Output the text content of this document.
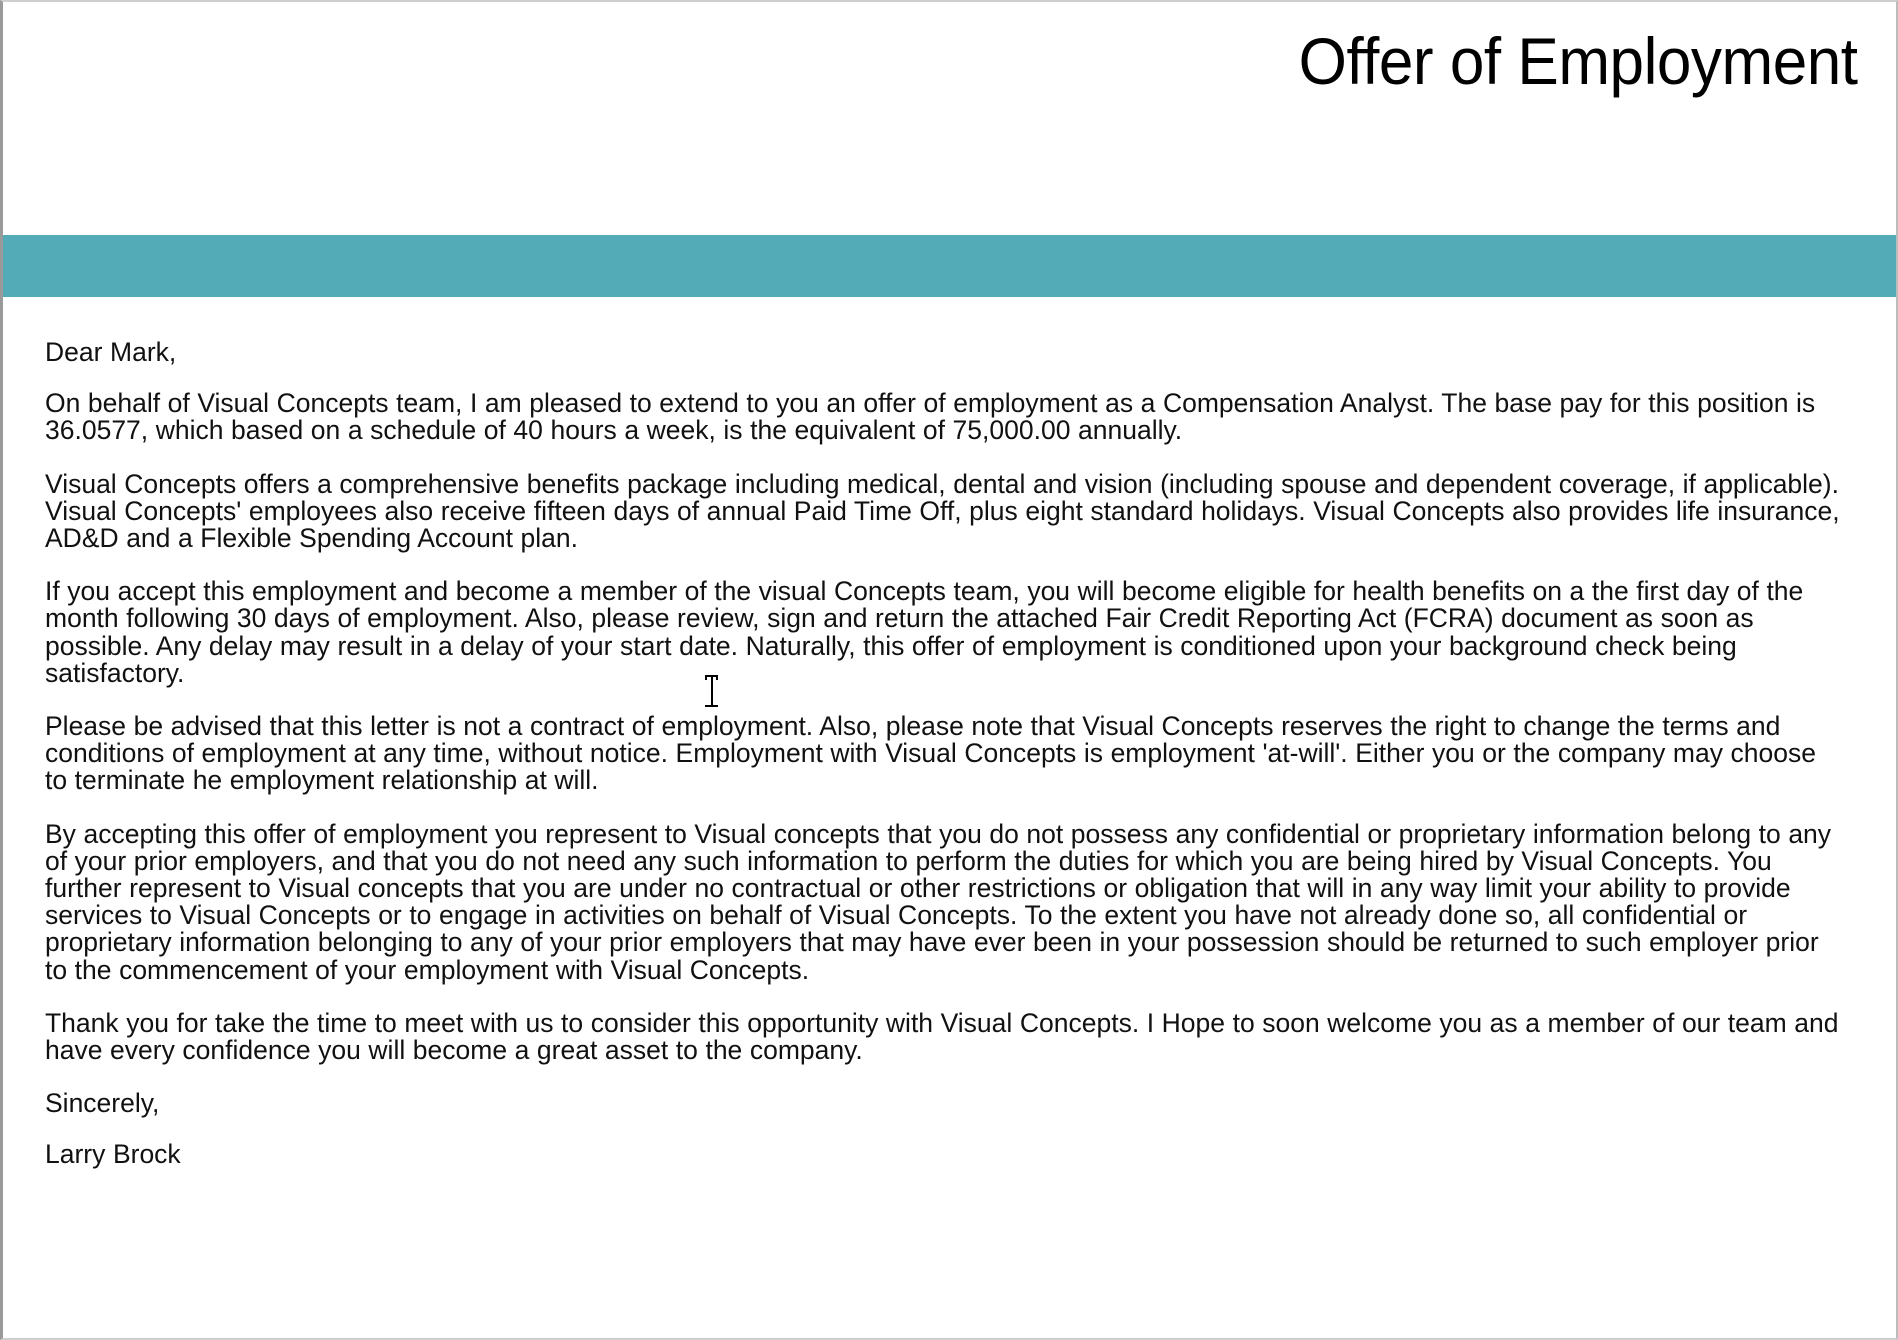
Offer of Employment

Dear Mark,

On behalf of Visual Concepts team, I am pleased to extend to you an offer of employment as a Compensation Analyst. The base pay for this position is 36.0577, which based on a schedule of 40 hours a week, is the equivalent of 75,000.00 annually.

Visual Concepts offers a comprehensive benefits package including medical, dental and vision (including spouse and dependent coverage, if applicable). Visual Concepts' employees also receive fifteen days of annual Paid Time Off, plus eight standard holidays. Visual Concepts also provides life insurance, AD&D and a Flexible Spending Account plan.

If you accept this employment and become a member of the visual Concepts team, you will become eligible for health benefits on a the first day of the month following 30 days of employment. Also, please review, sign and return the attached Fair Credit Reporting Act (FCRA) document as soon as possible. Any delay may result in a delay of your start date. Naturally, this offer of employment is conditioned upon your background check being satisfactory.

Please be advised that this letter is not a contract of employment. Also, please note that Visual Concepts reserves the right to change the terms and conditions of employment at any time, without notice. Employment with Visual Concepts is employment 'at-will'. Either you or the company may choose to terminate he employment relationship at will.

By accepting this offer of employment you represent to Visual concepts that you do not possess any confidential or proprietary information belong to any of your prior employers, and that you do not need any such information to perform the duties for which you are being hired by Visual Concepts. You further represent to Visual concepts that you are under no contractual or other restrictions or obligation that will in any way limit your ability to provide services to Visual Concepts or to engage in activities on behalf of Visual Concepts. To the extent you have not already done so, all confidential or proprietary information belonging to any of your prior employers that may have ever been in your possession should be returned to such employer prior to the commencement of your employment with Visual Concepts.

Thank you for take the time to meet with us to consider this opportunity with Visual Concepts. I Hope to soon welcome you as a member of our team and have every confidence you will become a great asset to the company.

Sincerely,

Larry Brock
